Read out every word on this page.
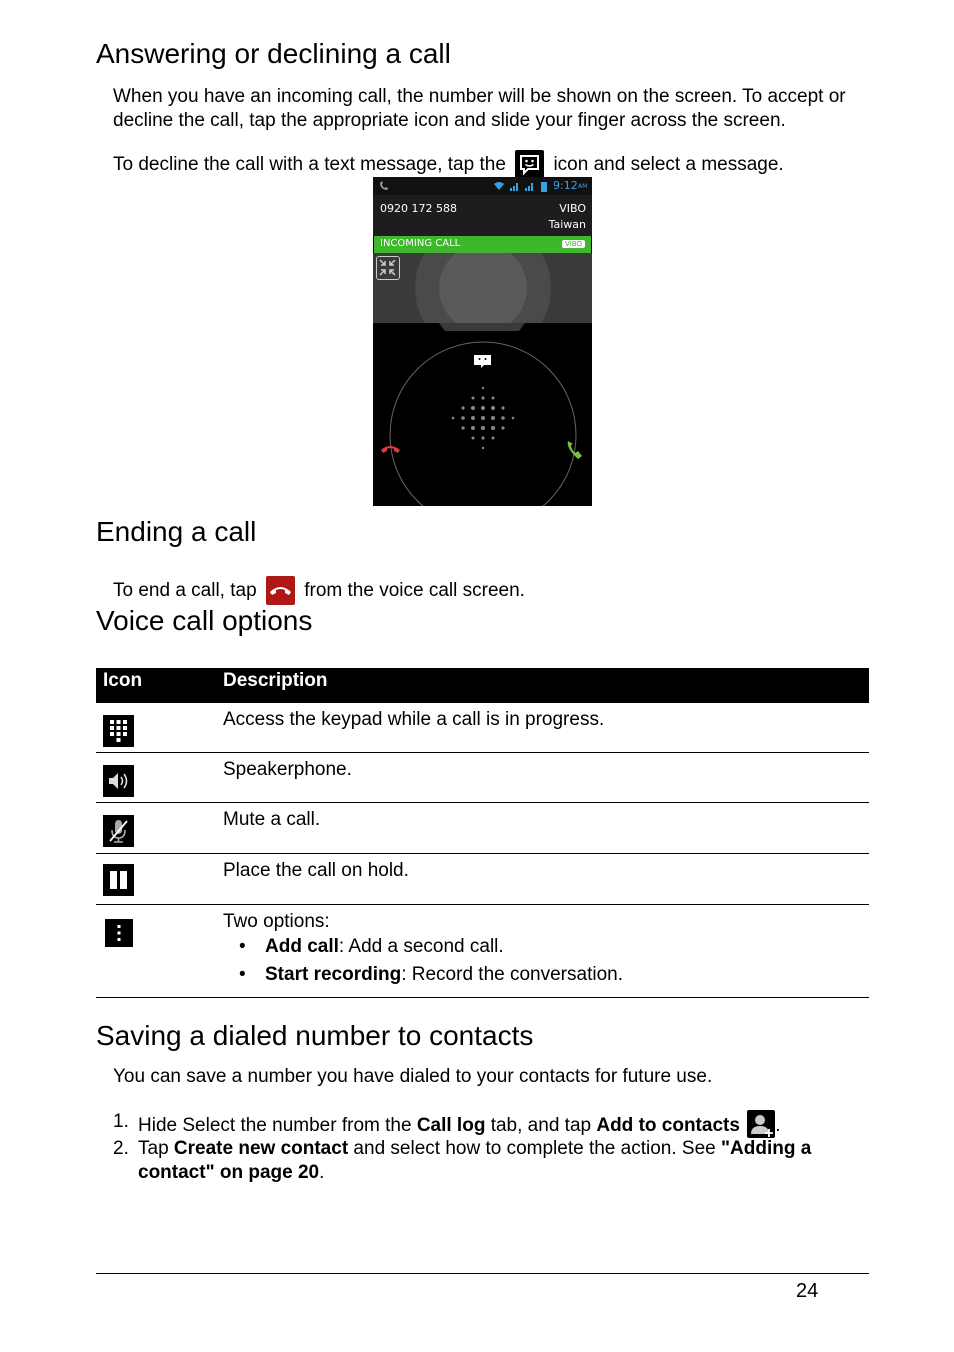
Answering or declining a call
When you have an incoming call, the number will be shown on the screen. To accept or decline the call, tap the appropriate icon and slide your finger across the screen.
To decline the call with a text message, tap the	icon and select a message.
9:12 AM
0920 172 588	VIBO
Taiwan
INCOMING CALL	VIBO
Ending a call
To end a call, tap	from the voice call screen.
Voice call options
Icon	Description
Access the keypad while a call is in progress.
Speakerphone.
Mute a call.
Place the call on hold.
Two options:
• Add call: Add a second call.
• Start recording: Record the conversation.
Saving a dialed number to contacts
You can save a number you have dialed to your contacts for future use.
1. Hide Select the number from the Call log tab, and tap Add to contacts .
2. Tap Create new contact and select how to complete the action. See "Adding a
contact" on page 20.
24
